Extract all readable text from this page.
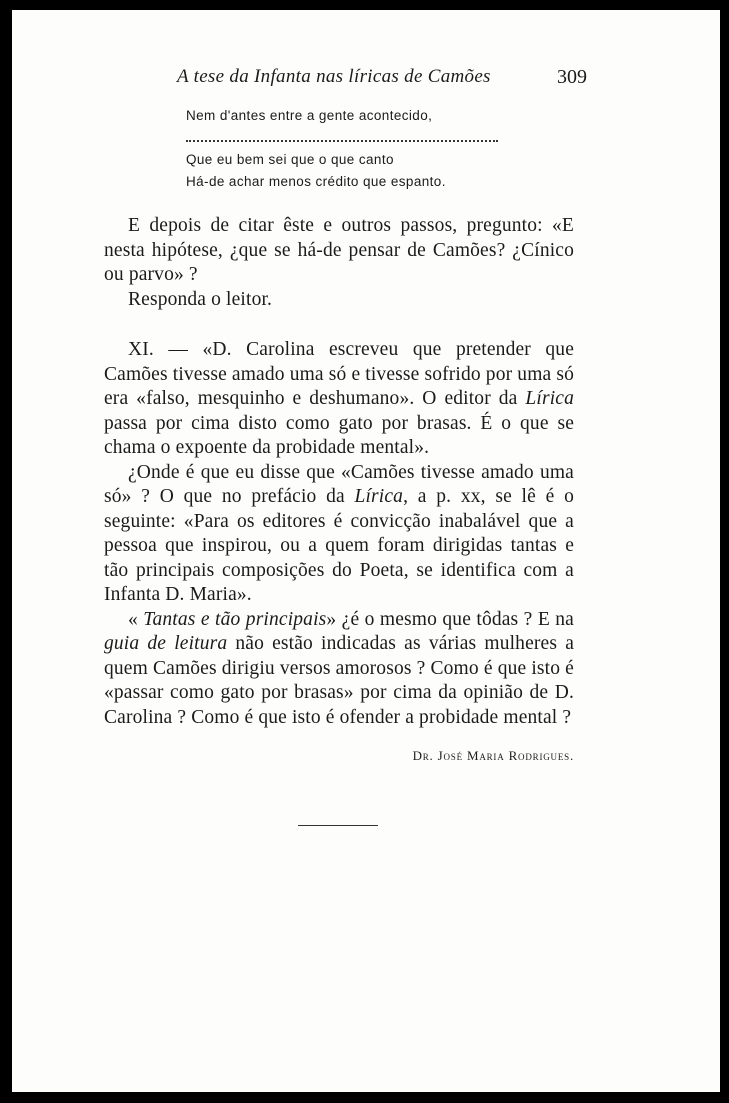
A tese da Infanta nas líricas de Camões	309
Nem d'antes entre a gente acontecido,
Que eu bem sei que o que canto
Há-de achar menos crédito que espanto.

E depois de citar êste e outros passos, pregunto: «E nesta hipótese, ¿que se há-de pensar de Camões? ¿Cínico ou parvo» ?

Responda o leitor.

XI. — «D. Carolina escreveu que pretender que Camões tivesse amado uma só e tivesse sofrido por uma só era «falso, mesquinho e deshumano». O editor da Lírica passa por cima disto como gato por brasas. É o que se chama o expoente da probidade mental».

¿Onde é que eu disse que «Camões tivesse amado uma só» ? O que no prefácio da Lírica, a p. xx, se lê é o seguinte: «Para os editores é convicção inabalável que a pessoa que inspirou, ou a quem foram dirigidas tantas e tão principais composições do Poeta, se identifica com a Infanta D. Maria».

« Tantas e tão principais» ¿é o mesmo que tôdas ? E na guia de leitura não estão indicadas as várias mulheres a quem Camões dirigiu versos amorosos ? Como é que isto é «passar como gato por brasas» por cima da opinião de D. Carolina ? Como é que isto é ofender a probidade mental ?

Dr. José Maria Rodrigues.
